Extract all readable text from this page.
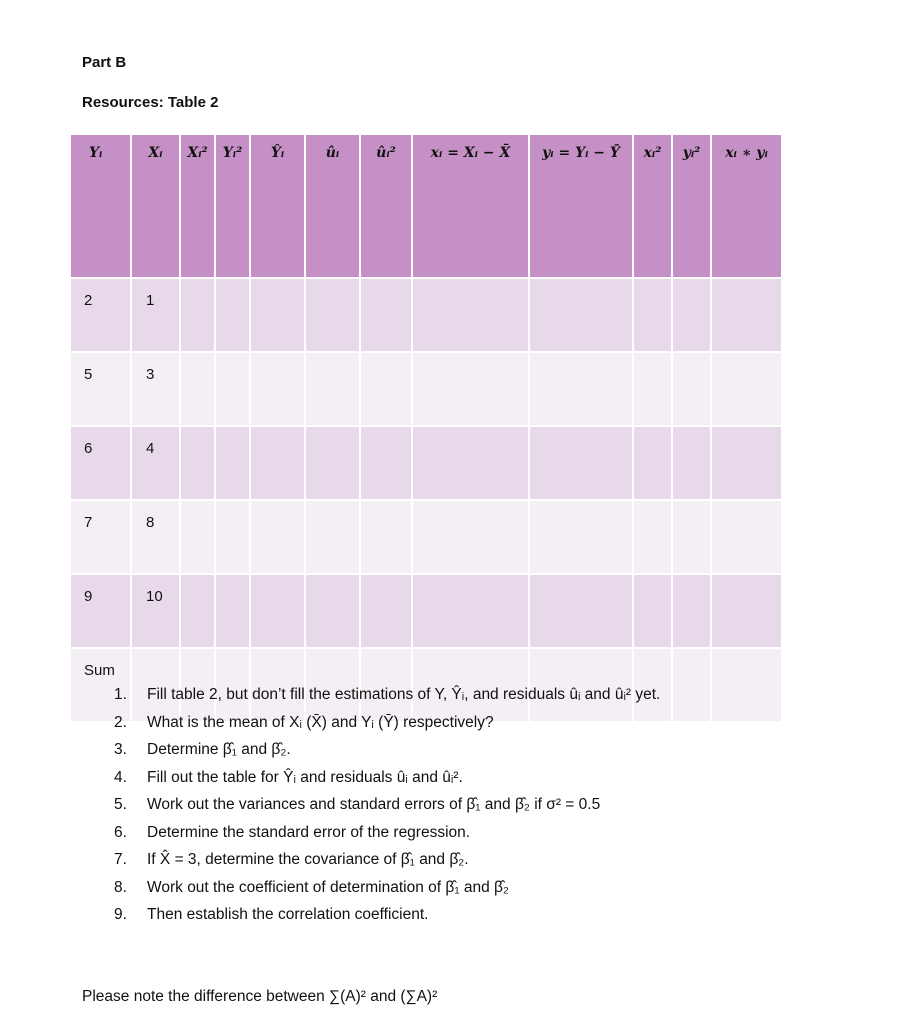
Part B
Resources: Table 2
Yᵢ	Xᵢ	Xᵢ²	Yᵢ²	Ŷᵢ	ûᵢ	ûᵢ²	xᵢ = Xᵢ − X̄	yᵢ = Yᵢ − Ȳ	xᵢ²	yᵢ²	xᵢ ∗ yᵢ
2	1										
5	3										
6	4										
7	8										
9	10										
Sum											
1. Fill table 2, but don’t fill the estimations of Y, Ŷᵢ, and residuals ûᵢ and ûᵢ² yet.
2. What is the mean of Xᵢ (X̄) and Yᵢ (Ȳ) respectively?
3. Determine β̂₁ and β̂₂.
4. Fill out the table for Ŷᵢ and residuals ûᵢ and ûᵢ².
5. Work out the variances and standard errors of β̂₁ and β̂₂ if σ² = 0.5
6. Determine the standard error of the regression.
7. If X̂ = 3, determine the covariance of β̂₁ and β̂₂.
8. Work out the coefficient of determination of β̂₁ and β̂₂
9. Then establish the correlation coefficient.
Please note the difference between ∑(A)² and (∑A)²
